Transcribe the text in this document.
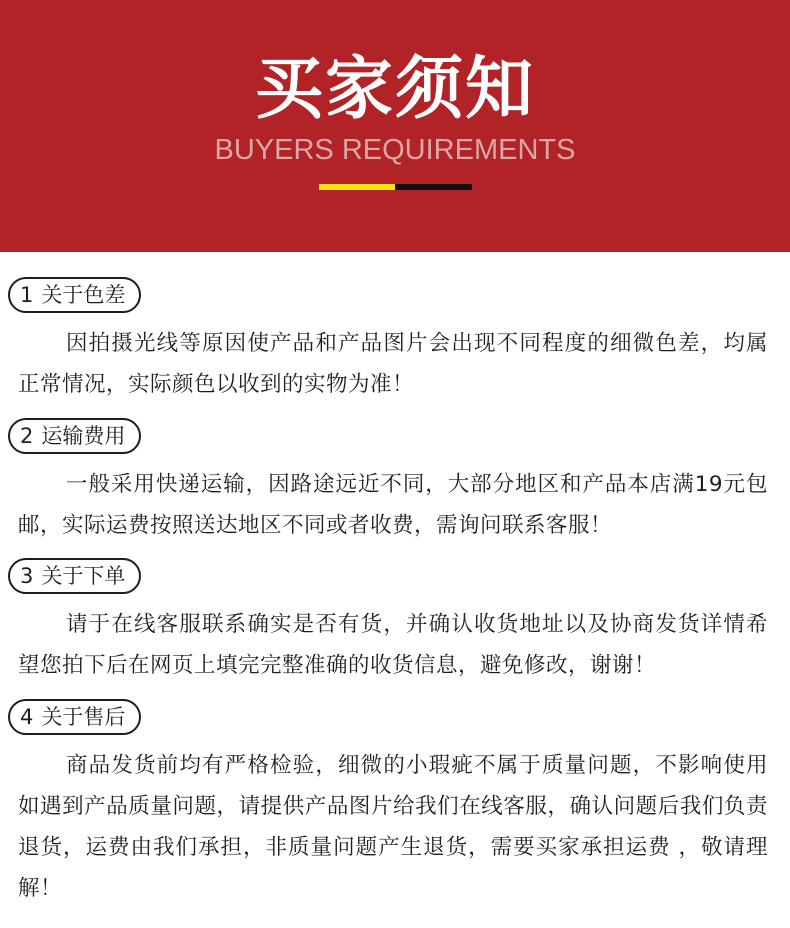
买家须知
BUYERS REQUIREMENTS
1 关于色差
因拍摄光线等原因使产品和产品图片会出现不同程度的细微色差，均属正常情况，实际颜色以收到的实物为准！
2 运输费用
一般采用快递运输，因路途远近不同，大部分地区和产品本店满19元包邮，实际运费按照送达地区不同或者收费，需询问联系客服！
3 关于下单
请于在线客服联系确实是否有货，并确认收货地址以及协商发货详情希望您拍下后在网页上填完完整准确的收货信息，避免修改，谢谢！
4 关于售后
商品发货前均有严格检验，细微的小瑕疵不属于质量问题，不影响使用如遇到产品质量问题，请提供产品图片给我们在线客服，确认问题后我们负责退货，运费由我们承担，非质量问题产生退货，需要买家承担运费 ，敬请理解！
